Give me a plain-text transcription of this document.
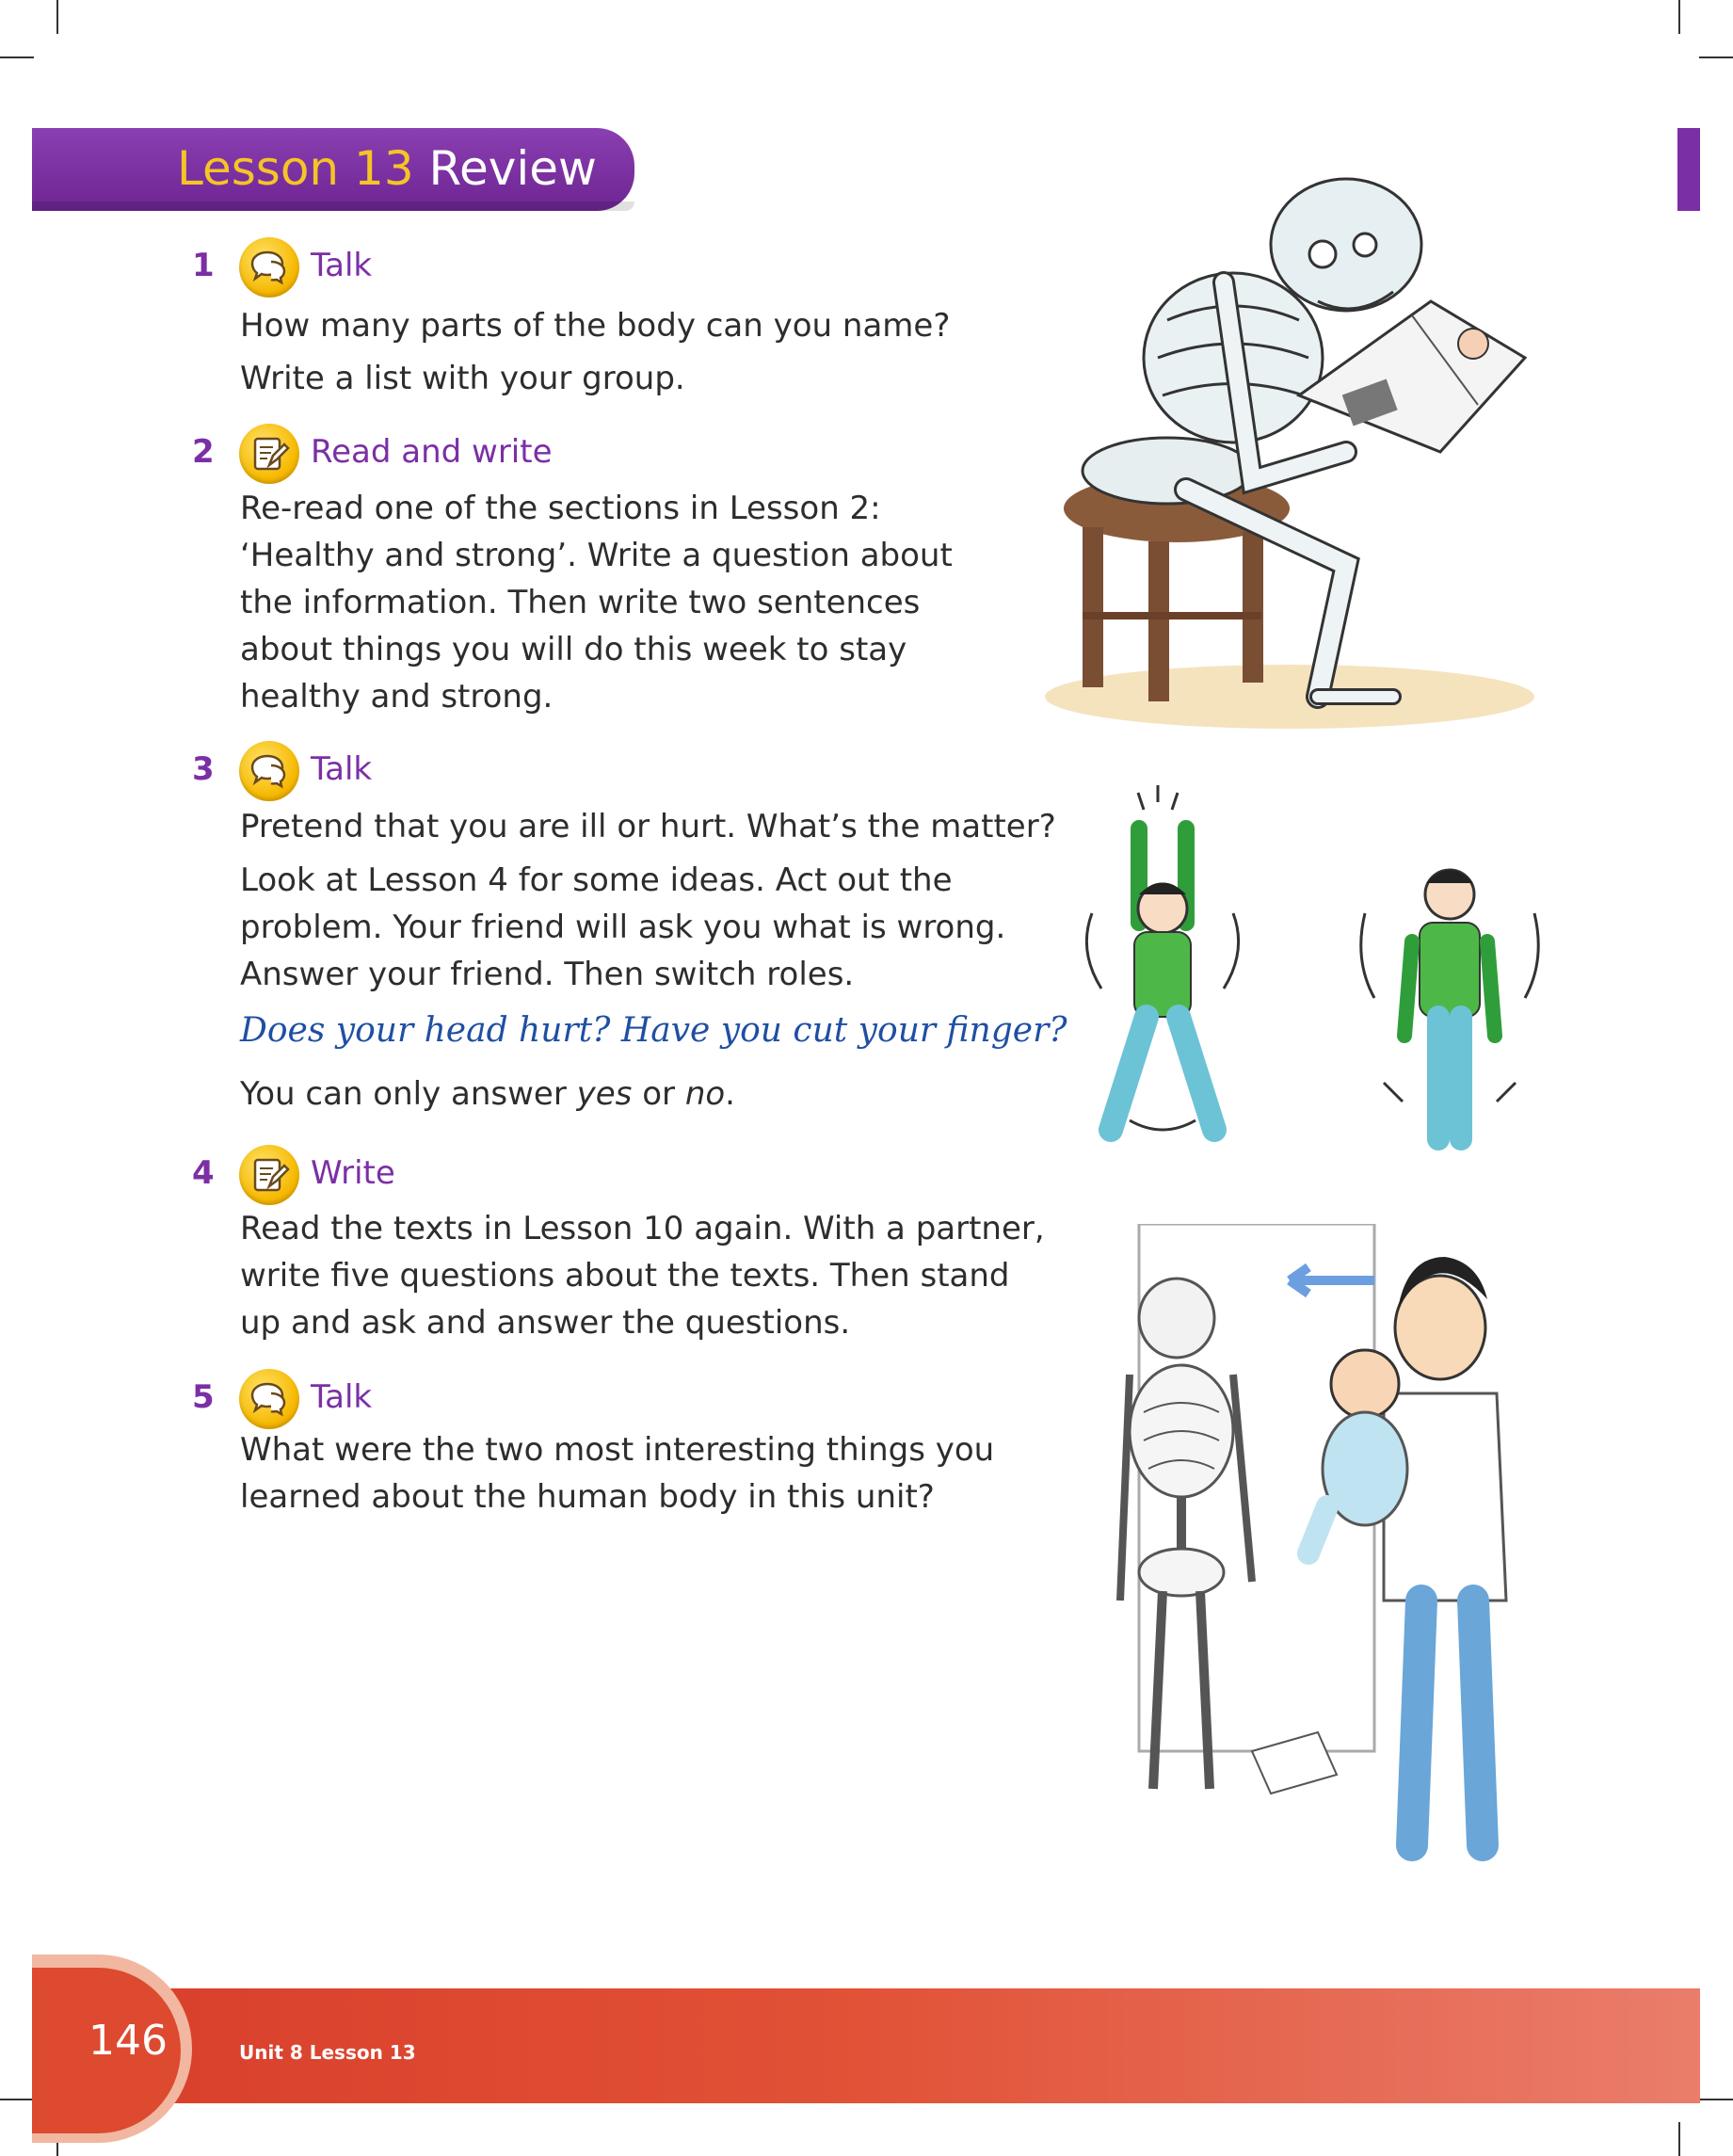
Lesson 13 Review
1	Talk

How many parts of the body can you name?

Write a list with your group.

2	Read and write

Re-read one of the sections in Lesson 2:

‘Healthy and strong’. Write a question about

the information. Then write two sentences

about things you will do this week to stay

healthy and strong.

3	Talk

Pretend that you are ill or hurt. What’s the matter?

Look at Lesson 4 for some ideas. Act out the

problem. Your friend will ask you what is wrong.

Answer your friend. Then switch roles.

Does your head hurt? Have you cut your finger?
You can only answer yes or no.
4	Write

Read the texts in Lesson 10 again. With a partner,

write five questions about the texts. Then stand

up and ask and answer the questions.

5	Talk

What were the two most interesting things you

learned about the human body in this unit?

146	Unit 8 Lesson 13
